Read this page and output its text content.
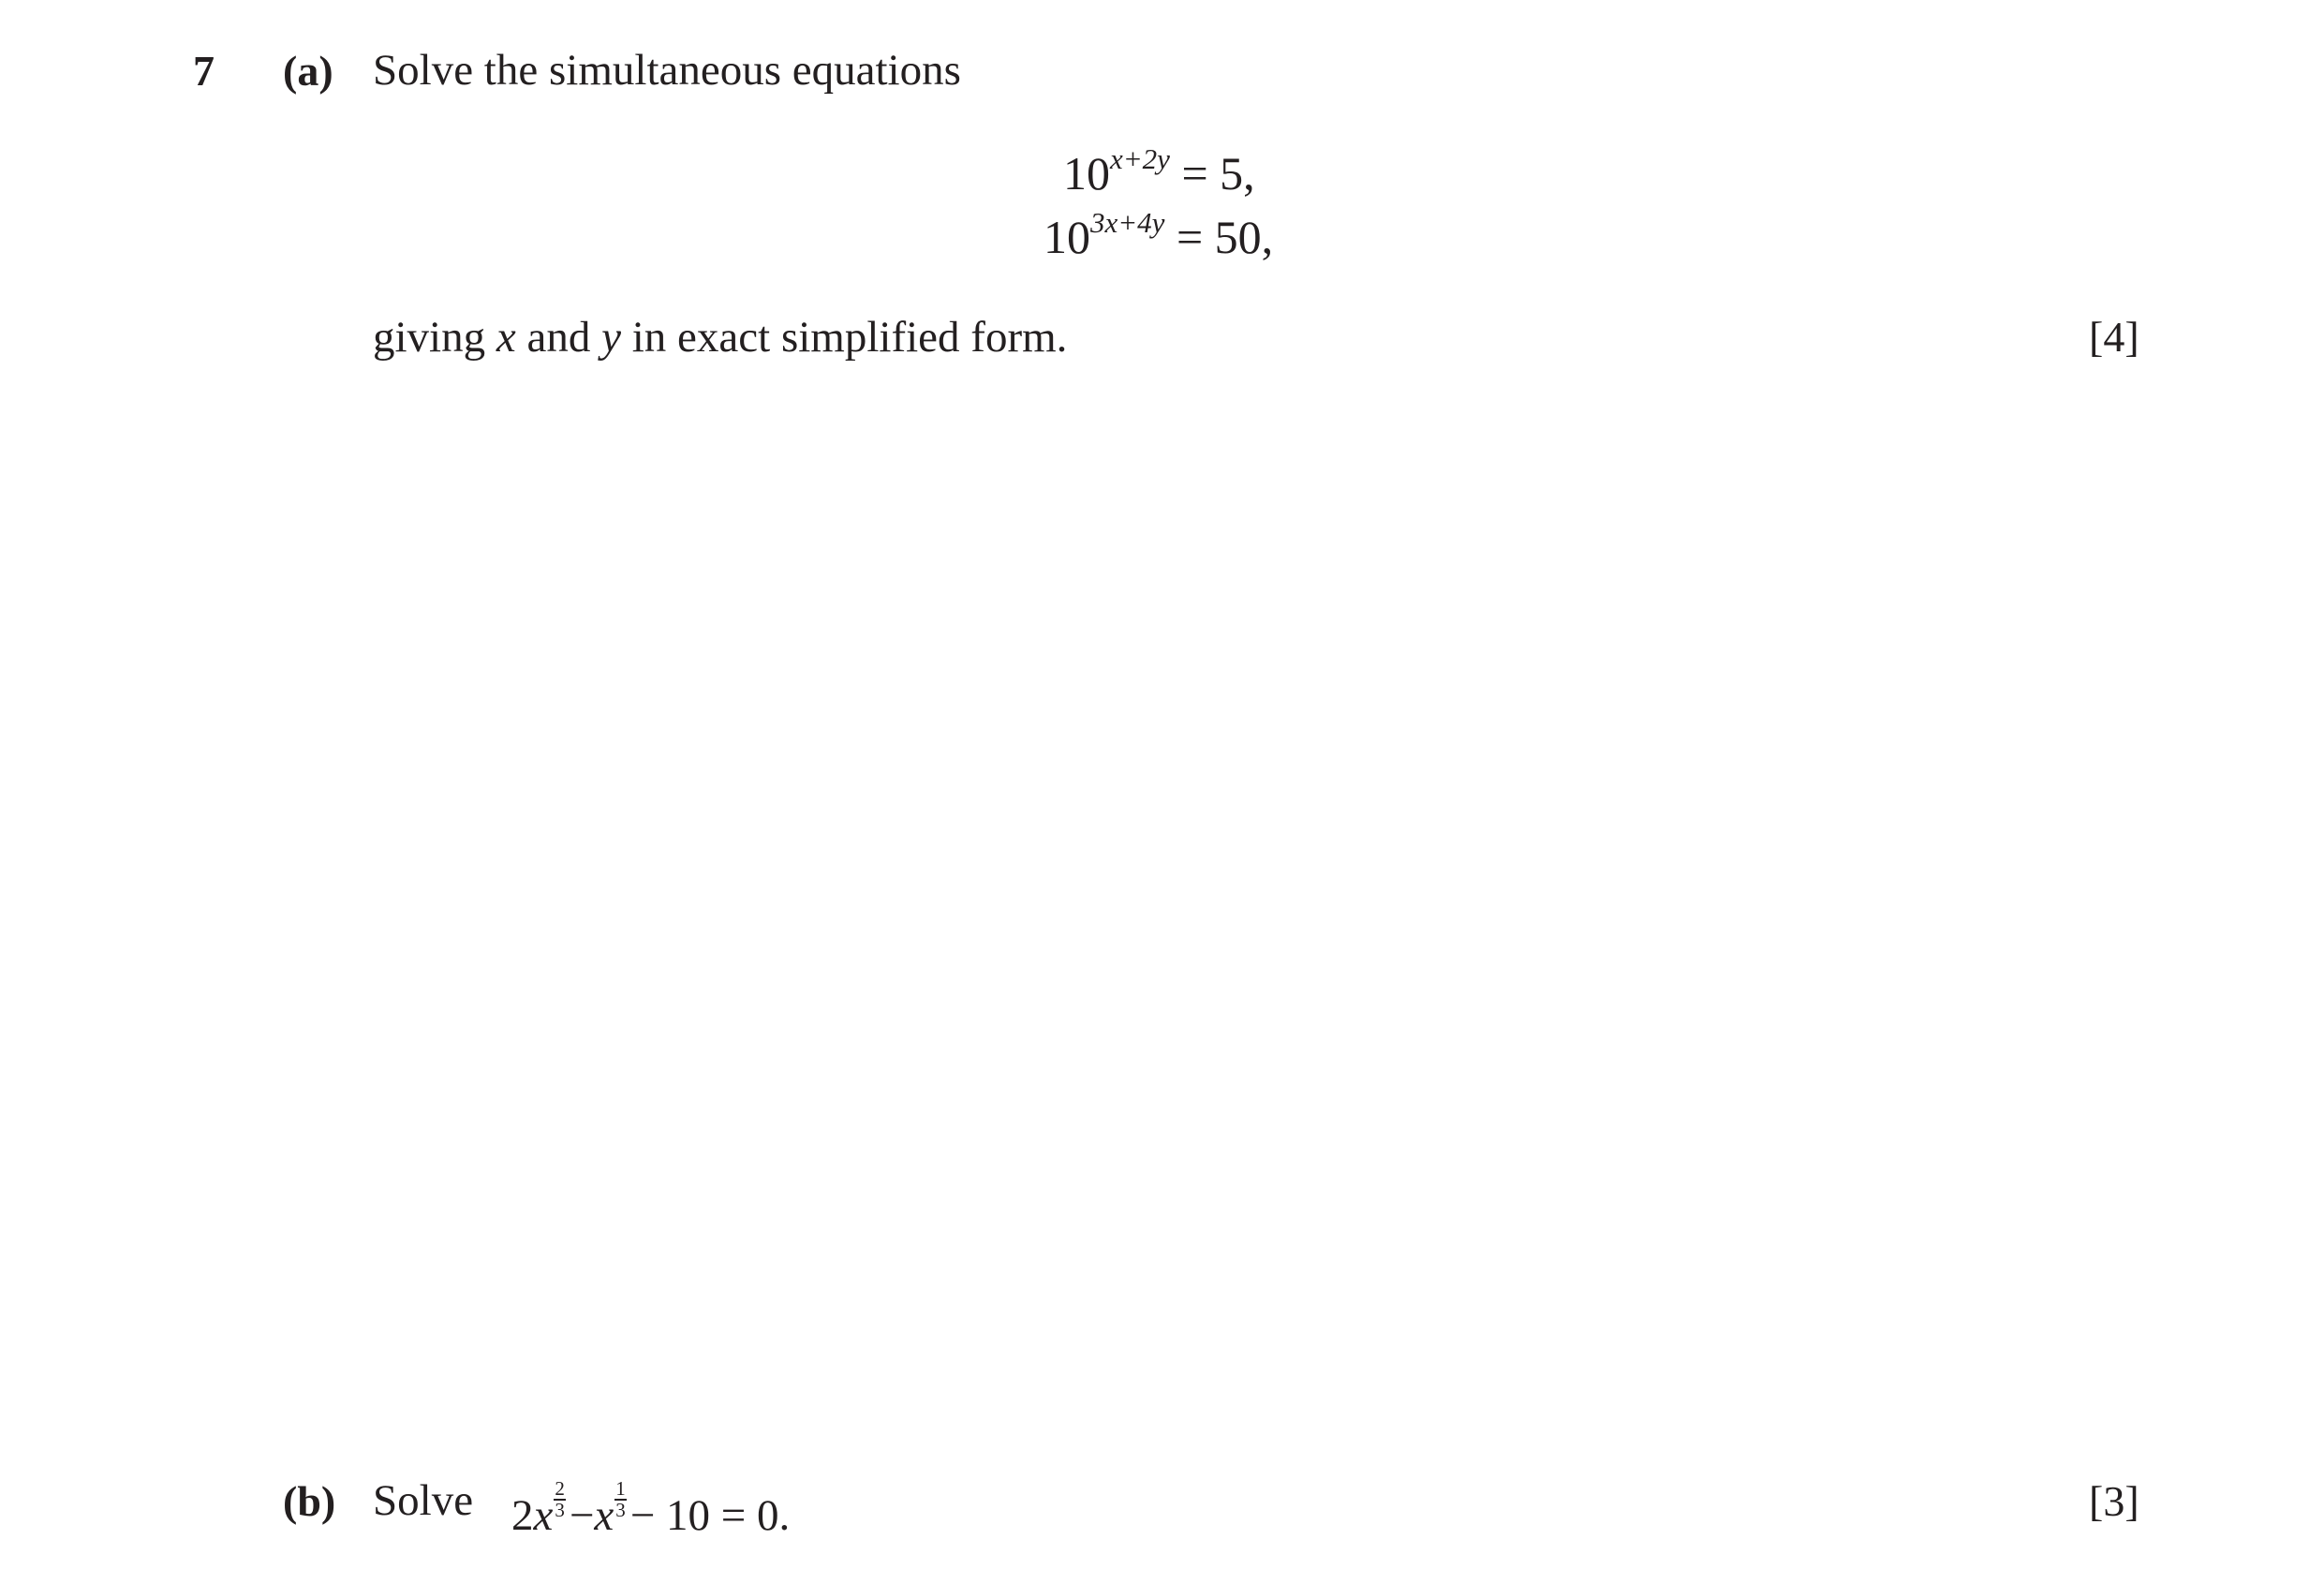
7 (a) Solve the simultaneous equations
$10^{x+2y} = 5$,
$10^{3x+4y} = 50$,
giving x and y in exact simplified form.	[4]
(b) Solve $2x \frac{2}{3} -x \frac{1}{3} - 10 = 0$.	[3]
